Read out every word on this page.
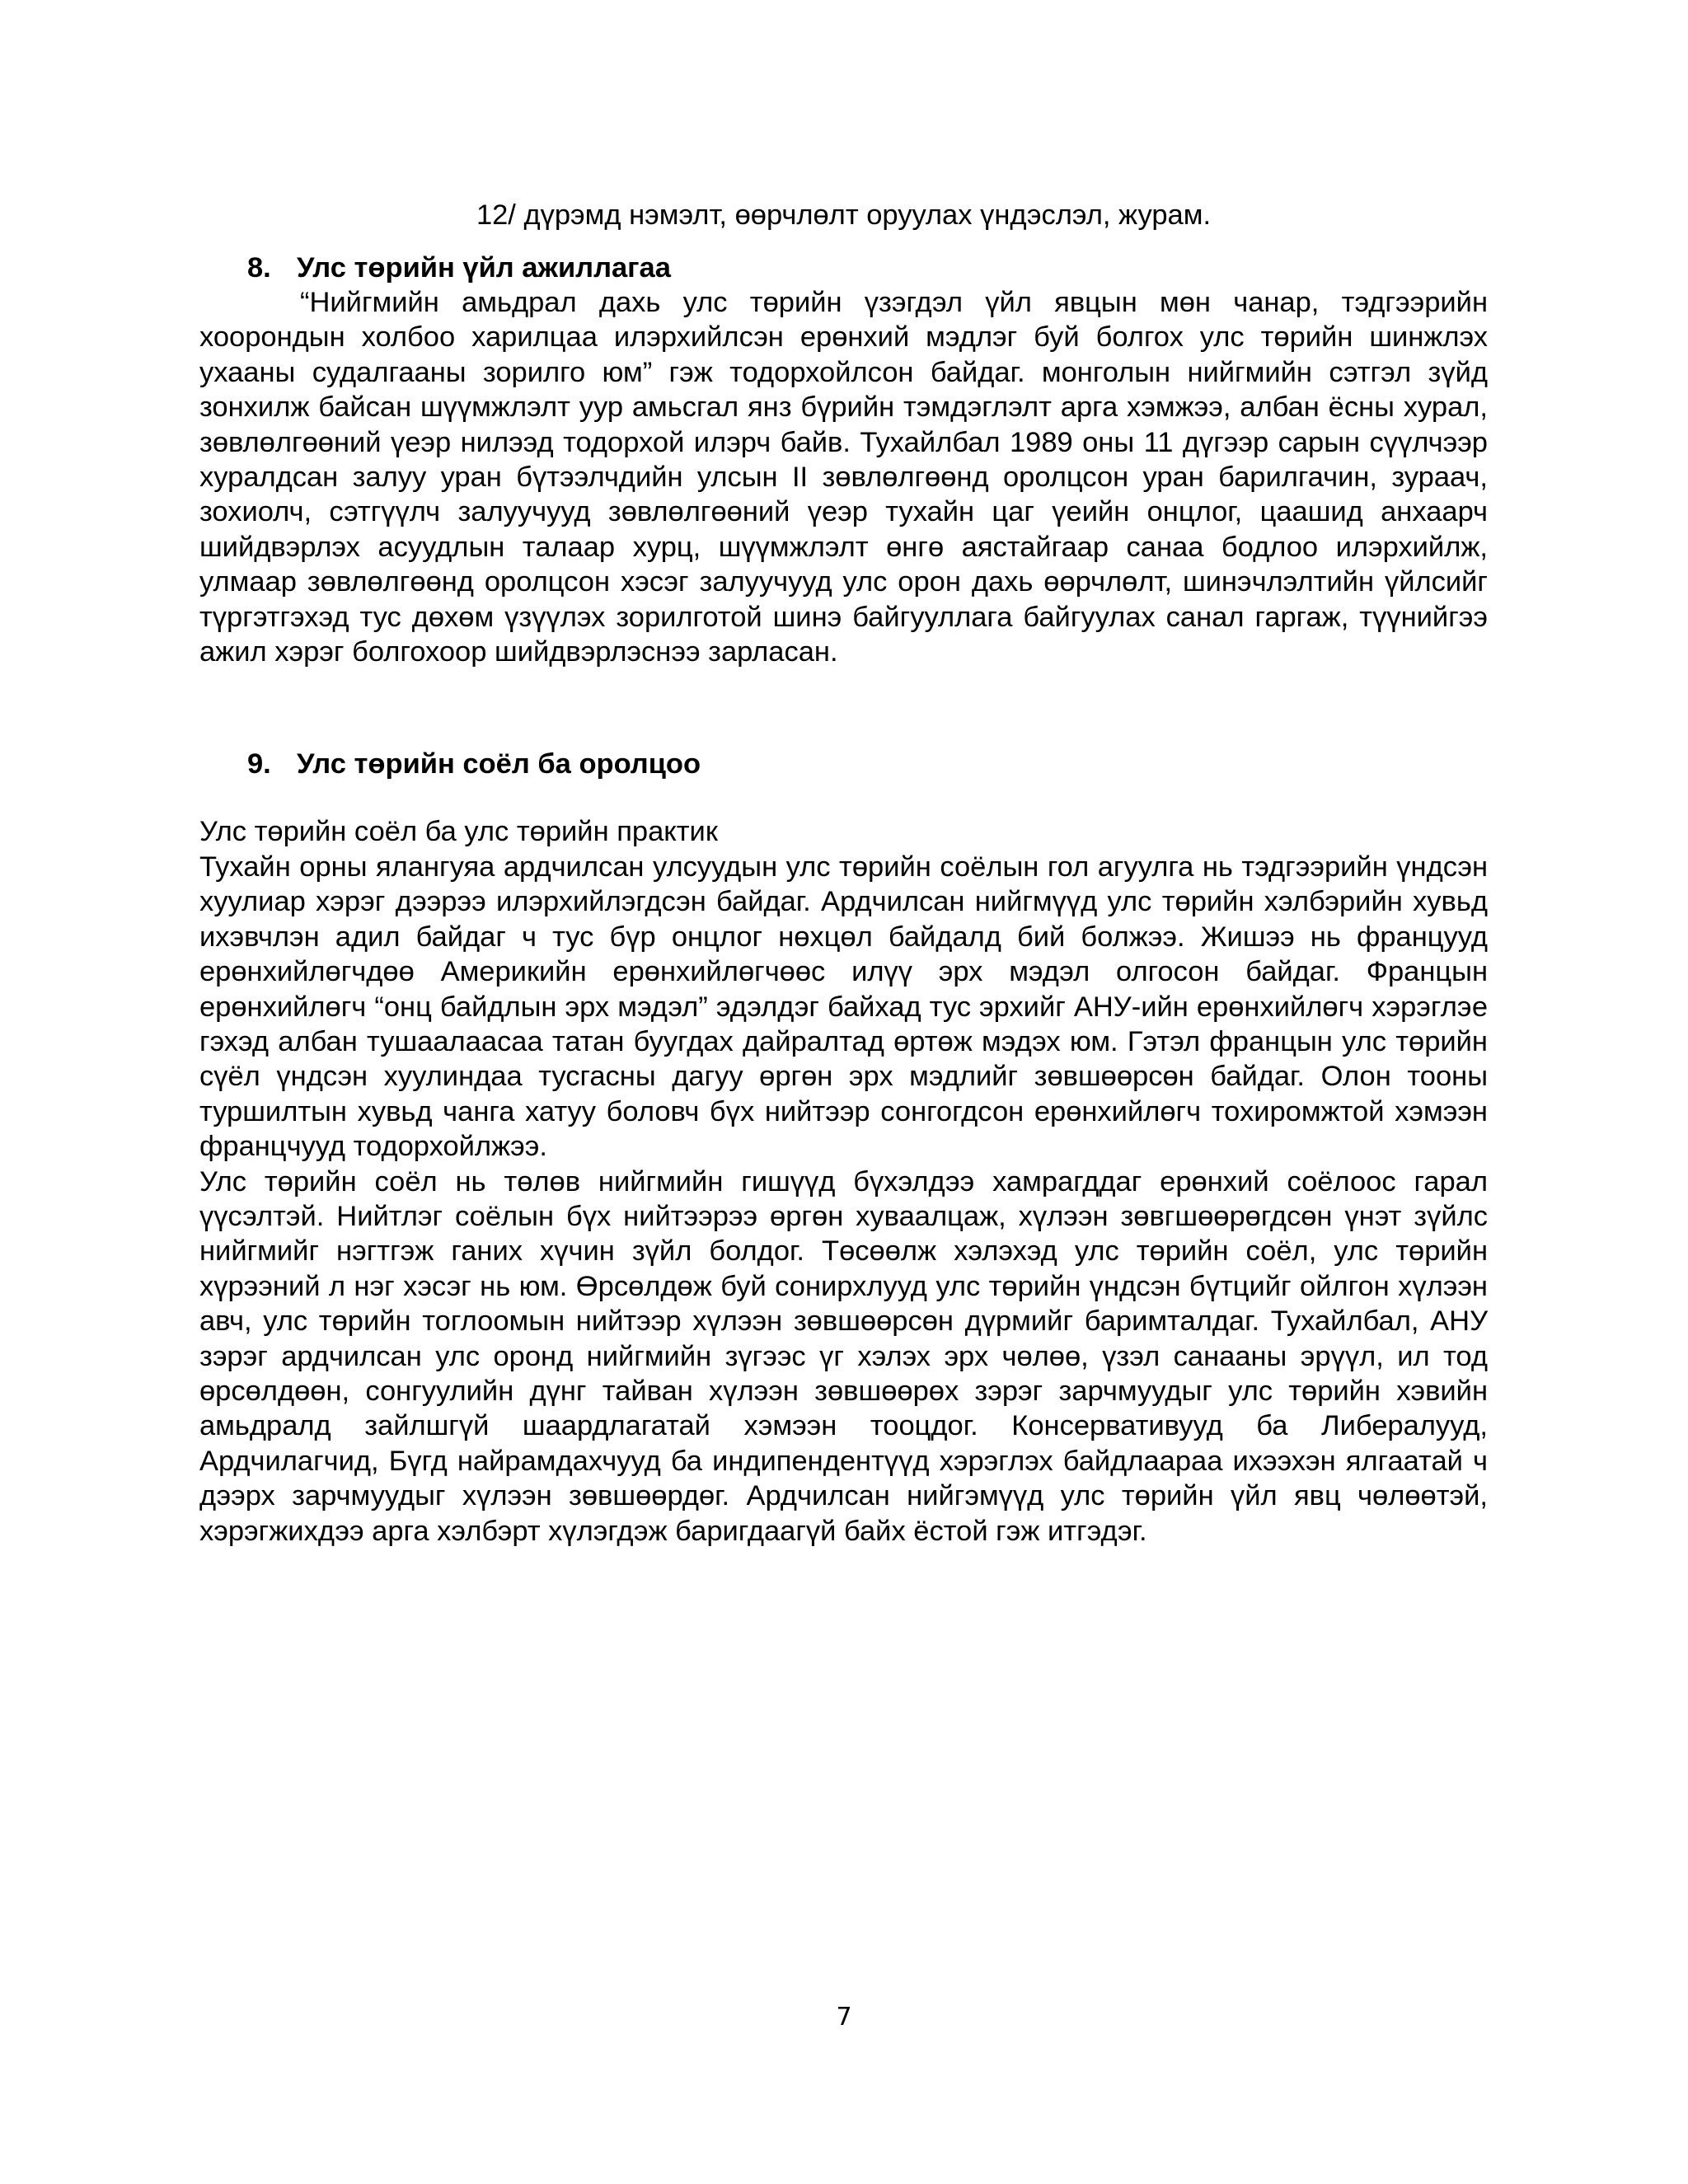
12/ дүрэмд нэмэлт, өөрчлөлт оруулах үндэслэл, журам.

8. Улс төрийн үйл ажиллагаа

“Нийгмийн амьдрал дахь улс төрийн үзэгдэл үйл явцын мөн чанар, тэдгээрийн хоорондын холбоо харилцаа илэрхийлсэн ерөнхий мэдлэг буй болгох улс төрийн шинжлэх ухааны судалгааны зорилго юм” гэж тодорхойлсон байдаг. монголын нийгмийн сэтгэл зүйд зонхилж байсан шүүмжлэлт уур амьсгал янз бүрийн тэмдэглэлт арга хэмжээ, албан ёсны хурал, зөвлөлгөөний үеэр нилээд тодорхой илэрч байв. Тухайлбал 1989 оны 11 дүгээр сарын сүүлчээр хуралдсан залуу уран бүтээлчдийн улсын II зөвлөлгөөнд оролцсон уран барилгачин, зураач, зохиолч, сэтгүүлч залуучууд зөвлөлгөөний үеэр тухайн цаг үеийн онцлог, цаашид анхаарч шийдвэрлэх асуудлын талаар хурц, шүүмжлэлт өнгө аястайгаар санаа бодлоо илэрхийлж, улмаар зөвлөлгөөнд оролцсон хэсэг залуучууд улс орон дахь өөрчлөлт, шинэчлэлтийн үйлсийг түргэтгэхэд тус дөхөм үзүүлэх зорилготой шинэ байгууллага байгуулах санал гаргаж, түүнийгээ ажил хэрэг болгохоор шийдвэрлэснээ зарласан.

9. Улс төрийн соёл ба оролцоо

Улс төрийн соёл ба улс төрийн практик

Тухайн орны ялангуяа ардчилсан улсуудын улс төрийн соёлын гол агуулга нь тэдгээрийн үндсэн хуулиар хэрэг дээрээ илэрхийлэгдсэн байдаг. Ардчилсан нийгмүүд улс төрийн хэлбэрийн хувьд ихэвчлэн адил байдаг ч тус бүр онцлог нөхцөл байдалд бий болжээ. Жишээ нь францууд ерөнхийлөгчдөө Америкийн ерөнхийлөгчөөс илүү эрх мэдэл олгосон байдаг. Францын ерөнхийлөгч “онц байдлын эрх мэдэл” эдэлдэг байхад тус эрхийг АНУ-ийн ерөнхийлөгч хэрэглэе гэхэд албан тушаалаасаа татан буугдах дайралтад өртөж мэдэх юм. Гэтэл францын улс төрийн сүёл үндсэн хуулиндаа тусгасны дагуу өргөн эрх мэдлийг зөвшөөрсөн байдаг. Олон тооны туршилтын хувьд чанга хатуу боловч бүх нийтээр сонгогдсон ерөнхийлөгч тохиромжтой хэмээн францчууд тодорхойлжээ.

Улс төрийн соёл нь төлөв нийгмийн гишүүд бүхэлдээ хамрагддаг ерөнхий соёлоос гарал үүсэлтэй. Нийтлэг соёлын бүх нийтээрээ өргөн хуваалцаж, хүлээн зөвгшөөрөгдсөн үнэт зүйлс нийгмийг нэгтгэж ганих хүчин зүйл болдог. Төсөөлж хэлэхэд улс төрийн соёл, улс төрийн хүрээний л нэг хэсэг нь юм. Өрсөлдөж буй сонирхлууд улс төрийн үндсэн бүтцийг ойлгон хүлээн авч, улс төрийн тоглоомын нийтээр хүлээн зөвшөөрсөн дүрмийг баримталдаг. Тухайлбал, АНУ зэрэг ардчилсан улс оронд нийгмийн зүгээс үг хэлэх эрх чөлөө, үзэл санааны эрүүл, ил тод өрсөлдөөн, сонгуулийн дүнг тайван хүлээн зөвшөөрөх зэрэг зарчмуудыг улс төрийн хэвийн амьдралд зайлшгүй шаардлагатай хэмээн тооцдог. Консервативууд ба Либералууд, Ардчилагчид, Бүгд найрамдахчууд ба индипендентүүд хэрэглэх байдлаараа ихээхэн ялгаатай ч дээрх зарчмуудыг хүлээн зөвшөөрдөг. Ардчилсан нийгэмүүд улс төрийн үйл явц чөлөөтэй, хэрэгжихдээ арга хэлбэрт хүлэгдэж баригдаагүй байх ёстой гэж итгэдэг.

7
